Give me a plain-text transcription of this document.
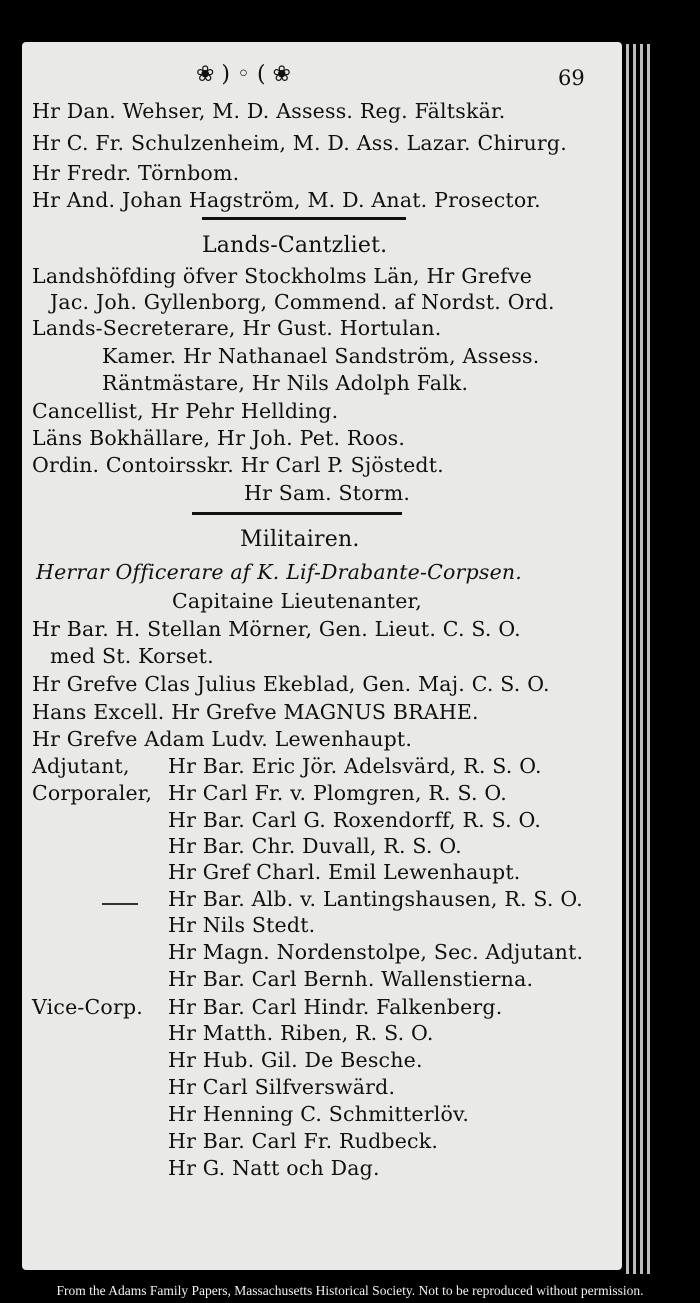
❀ ) ◦ ( ❀	69
Hr Dan. Wehser, M. D. Assess. Reg. Fältskär.
Hr C. Fr. Schulzenheim, M. D. Ass. Lazar. Chirurg.
Hr Fredr. Törnbom.
Hr And. Johan Hagström, M. D. Anat. Prosector.
Lands-Cantzliet.
Landshöfding öfver Stockholms Län, Hr Grefve
Jac. Joh. Gyllenborg, Commend. af Nordst. Ord.
Lands-Secreterare, Hr Gust. Hortulan.
Kamer. Hr Nathanael Sandström, Assess.
Räntmästare, Hr Nils Adolph Falk.
Cancellist, Hr Pehr Hellding.
Läns Bokhällare, Hr Joh. Pet. Roos.
Ordin. Contoirsskr. Hr Carl P. Sjöstedt.
Hr Sam. Storm.
Militairen.
Herrar Officerare af K. Lif-Drabante-Corpsen.
Capitaine Lieutenanter,
Hr Bar. H. Stellan Mörner, Gen. Lieut. C. S. O.
med St. Korset.
Hr Grefve Clas Julius Ekeblad, Gen. Maj. C. S. O.
Hans Excell. Hr Grefve MAGNUS BRAHE.
Hr Grefve Adam Ludv. Lewenhaupt.
Adjutant, Hr Bar. Eric Jör. Adelsvärd, R. S. O.
Corporaler, Hr Carl Fr. v. Plomgren, R. S. O.
Hr Bar. Carl G. Roxendorff, R. S. O.
Hr Bar. Chr. Duvall, R. S. O.
Hr Gref Charl. Emil Lewenhaupt.
Hr Bar. Alb. v. Lantingshausen, R. S. O.
Hr Nils Stedt.
Hr Magn. Nordenstolpe, Sec. Adjutant.
Hr Bar. Carl Bernh. Wallenstierna.
Vice-Corp. Hr Bar. Carl Hindr. Falkenberg.
Hr Matth. Riben, R. S. O.
Hr Hub. Gil. De Besche.
Hr Carl Silfverswärd.
Hr Henning C. Schmitterlöv.
Hr Bar. Carl Fr. Rudbeck.
Hr G. Natt och Dag.
From the Adams Family Papers, Massachusetts Historical Society. Not to be reproduced without permission.
